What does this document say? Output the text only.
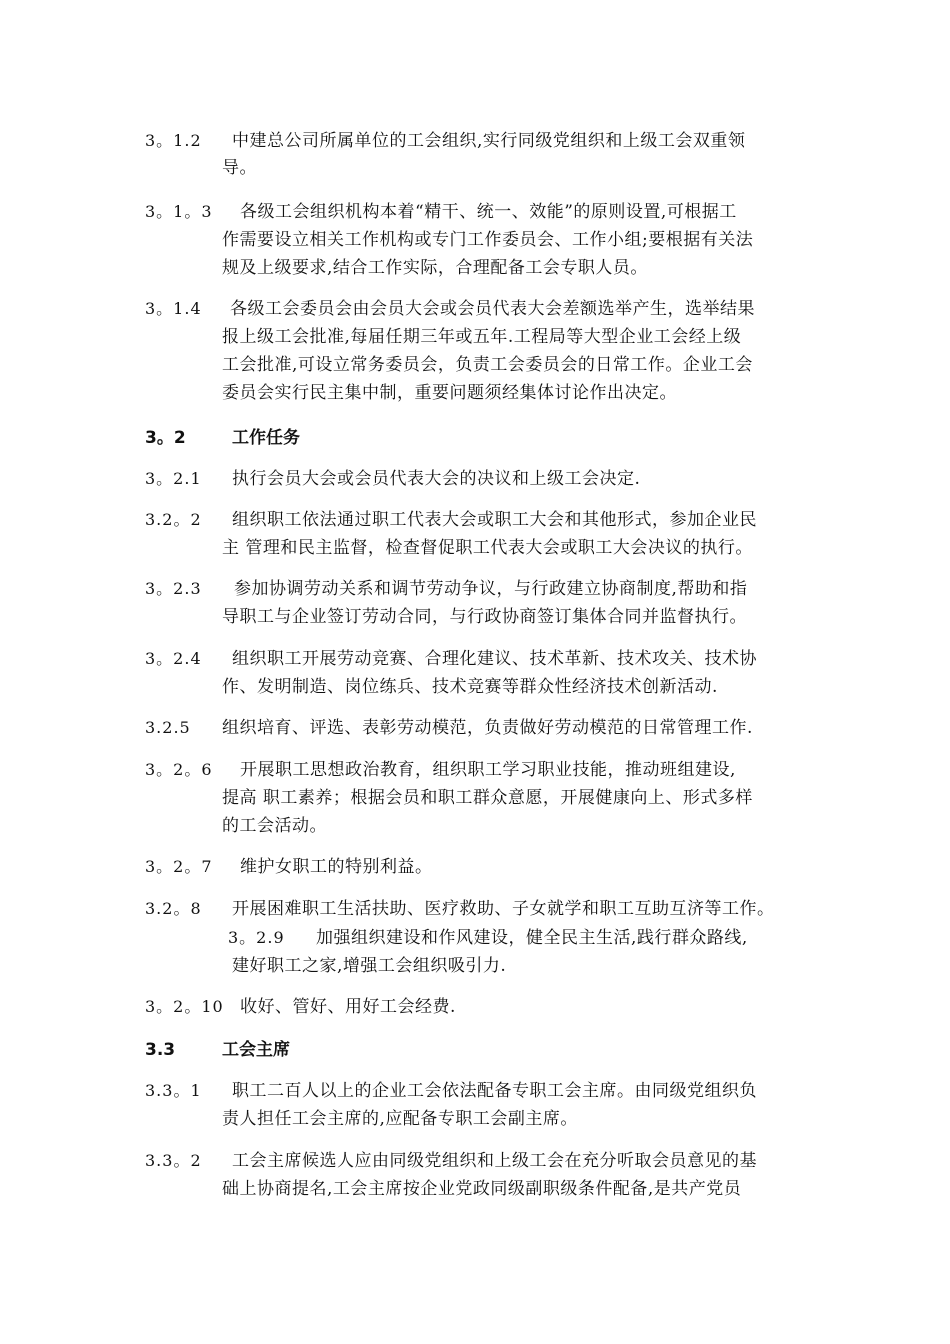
3。1.2 中建总公司所属单位的工会组织,实行同级党组织和上级工会双重领
导。
3。1。3 各级工会组织机构本着“精干、统一、效能”的原则设置,可根据工
作需要设立相关工作机构或专门工作委员会、工作小组;要根据有关法
规及上级要求,结合工作实际，合理配备工会专职人员。
3。1.4 各级工会委员会由会员大会或会员代表大会差额选举产生，选举结果
报上级工会批准,每届任期三年或五年.工程局等大型企业工会经上级
工会批准,可设立常务委员会，负责工会委员会的日常工作。企业工会
委员会实行民主集中制，重要问题须经集体讨论作出决定。
3。2	工作任务
3。2.1 执行会员大会或会员代表大会的决议和上级工会决定.
3.2。2 组织职工依法通过职工代表大会或职工大会和其他形式，参加企业民
主 管理和民主监督，检查督促职工代表大会或职工大会决议的执行。
3。2.3 参加协调劳动关系和调节劳动争议，与行政建立协商制度,帮助和指
导职工与企业签订劳动合同，与行政协商签订集体合同并监督执行。
3。2.4 组织职工开展劳动竞赛、合理化建议、技术革新、技术攻关、技术协
作、发明制造、岗位练兵、技术竞赛等群众性经济技术创新活动.
3.2.5 组织培育、评选、表彰劳动模范，负责做好劳动模范的日常管理工作.
3。2。6 开展职工思想政治教育，组织职工学习职业技能，推动班组建设,
提高 职工素养；根据会员和职工群众意愿，开展健康向上、形式多样
的工会活动。
3。2。7 维护女职工的特别利益。
3.2。8 开展困难职工生活扶助、医疗救助、子女就学和职工互助互济等工作。
3。2.9 加强组织建设和作风建设，健全民主生活,践行群众路线,
建好职工之家,增强工会组织吸引力.
3。2。10 收好、管好、用好工会经费.
3.3	工会主席
3.3。1 职工二百人以上的企业工会依法配备专职工会主席。由同级党组织负
责人担任工会主席的,应配备专职工会副主席。
3.3。2 工会主席候选人应由同级党组织和上级工会在充分听取会员意见的基
础上协商提名,工会主席按企业党政同级副职级条件配备,是共产党员
